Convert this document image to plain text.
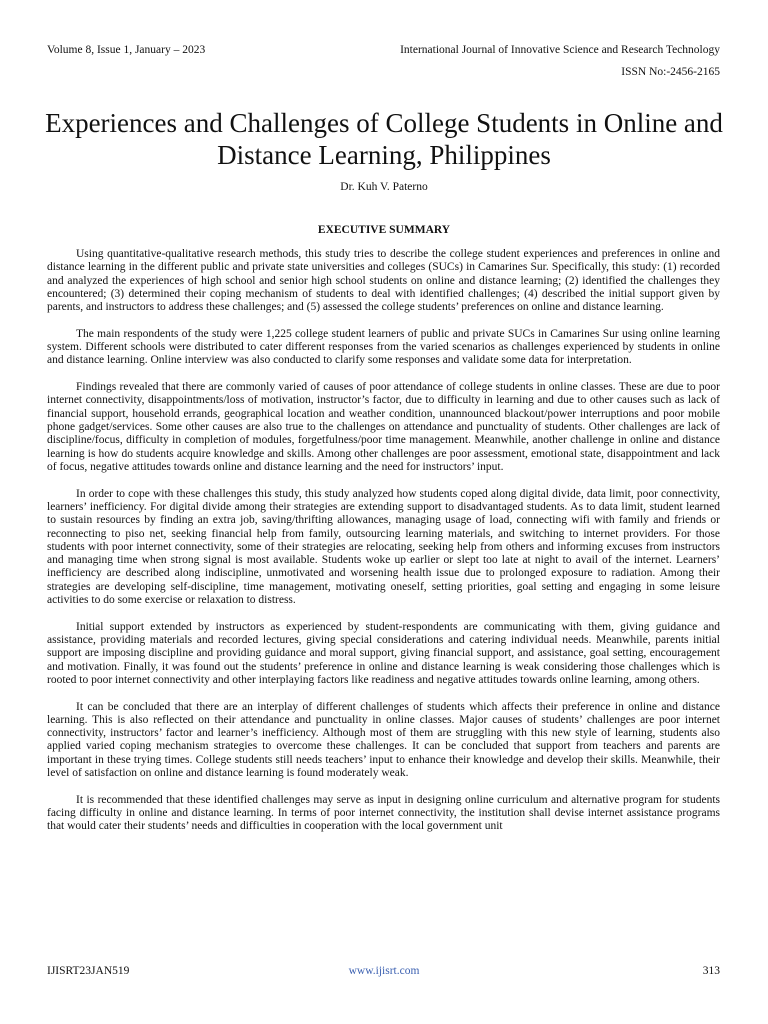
Volume 8, Issue 1, January – 2023	International Journal of Innovative Science and Research Technology
ISSN No:-2456-2165
Experiences and Challenges of College Students in Online and Distance Learning, Philippines
Dr. Kuh V. Paterno
EXECUTIVE SUMMARY

Using quantitative-qualitative research methods, this study tries to describe the college student experiences and preferences in online and distance learning in the different public and private state universities and colleges (SUCs) in Camarines Sur. Specifically, this study: (1) recorded and analyzed the experiences of high school and senior high school students on online and distance learning; (2) identified the challenges they encountered; (3) determined their coping mechanism of students to deal with identified challenges; (4) described the initial support given by parents, and instructors to address these challenges; and (5) assessed the college students’ preferences on online and distance learning.

The main respondents of the study were 1,225 college student learners of public and private SUCs in Camarines Sur using online learning system. Different schools were distributed to cater different responses from the varied scenarios as challenges experienced by students in online and distance learning. Online interview was also conducted to clarify some responses and validate some data for interpretation.

Findings revealed that there are commonly varied of causes of poor attendance of college students in online classes. These are due to poor internet connectivity, disappointments/loss of motivation, instructor’s factor, due to difficulty in learning and due to other causes such as lack of financial support, household errands, geographical location and weather condition, unannounced blackout/power interruptions and poor mobile phone gadget/services. Some other causes are also true to the challenges on attendance and punctuality of students. Other challenges are lack of discipline/focus, difficulty in completion of modules, forgetfulness/poor time management. Meanwhile, another challenge in online and distance learning is how do students acquire knowledge and skills. Among other challenges are poor assessment, emotional state, disappointment and lack of focus, negative attitudes towards online and distance learning and the need for instructors’ input.

In order to cope with these challenges this study, this study analyzed how students coped along digital divide, data limit, poor connectivity, learners’ inefficiency. For digital divide among their strategies are extending support to disadvantaged students. As to data limit, student learned to sustain resources by finding an extra job, saving/thrifting allowances, managing usage of load, connecting wifi with family and friends or reconnecting to piso net, seeking financial help from family, outsourcing learning materials, and switching to internet providers. For those students with poor internet connectivity, some of their strategies are relocating, seeking help from others and informing excuses from instructors and managing time when strong signal is most available. Students woke up earlier or slept too late at night to avail of the internet. Learners’ inefficiency are described along indiscipline, unmotivated and worsening health issue due to prolonged exposure to radiation. Among their strategies are developing self-discipline, time management, motivating oneself, setting priorities, goal setting and engaging in some leisure activities to do some exercise or relaxation to distress.

Initial support extended by instructors as experienced by student-respondents are communicating with them, giving guidance and assistance, providing materials and recorded lectures, giving special considerations and catering individual needs. Meanwhile, parents initial support are imposing discipline and providing guidance and moral support, giving financial support, and assistance, goal setting, encouragement and motivation. Finally, it was found out the students’ preference in online and distance learning is weak considering those challenges which is rooted to poor internet connectivity and other interplaying factors like readiness and negative attitudes towards online learning, among others.

It can be concluded that there are an interplay of different challenges of students which affects their preference in online and distance learning. This is also reflected on their attendance and punctuality in online classes. Major causes of students’ challenges are poor internet connectivity, instructors’ factor and learner’s inefficiency. Although most of them are struggling with this new style of learning, students also applied varied coping mechanism strategies to overcome these challenges. It can be concluded that support from teachers and parents are important in these trying times. College students still needs teachers’ input to enhance their knowledge and develop their skills. Meanwhile, their level of satisfaction on online and distance learning is found moderately weak.

It is recommended that these identified challenges may serve as input in designing online curriculum and alternative program for students facing difficulty in online and distance learning. In terms of poor internet connectivity, the institution shall devise internet assistance programs that would cater their students’ needs and difficulties in cooperation with the local government unit

IJISRT23JAN519	www.ijisrt.com	313
